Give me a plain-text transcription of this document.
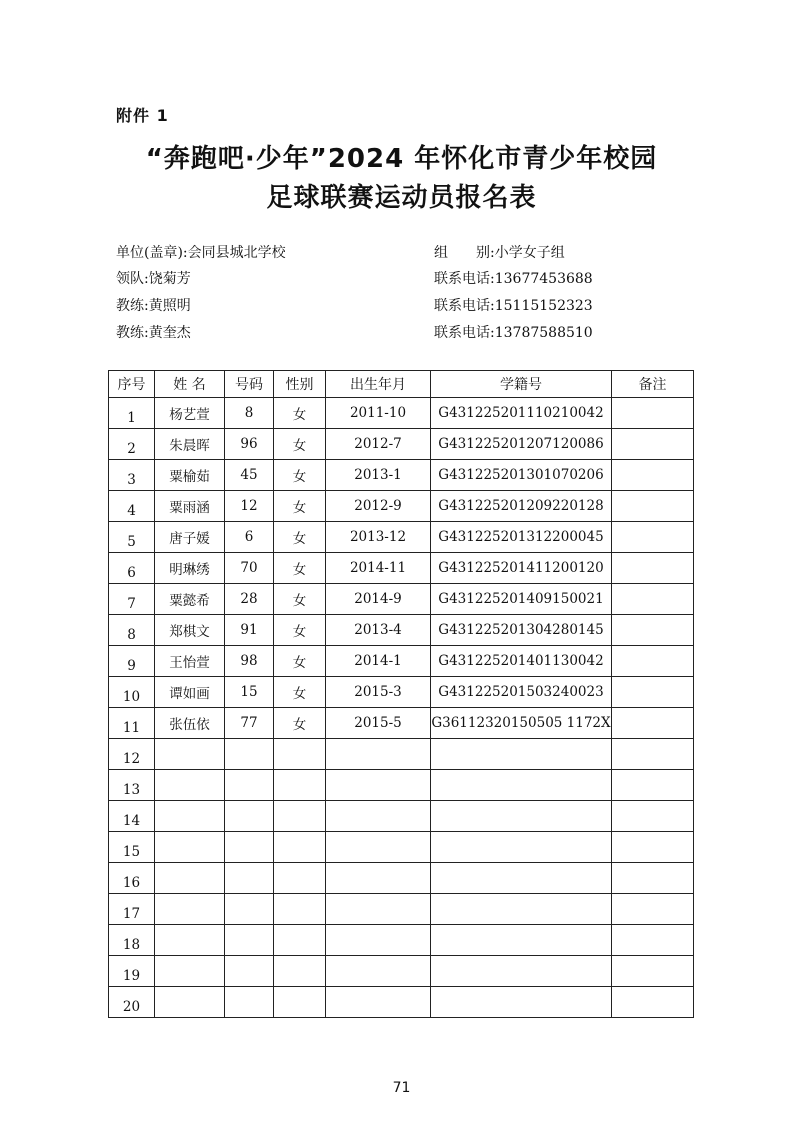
附件 1
“奔跑吧·少年”2024 年怀化市青少年校园
足球联赛运动员报名表
单位(盖章):会同县城北学校	组　　别:小学女子组
领队:饶菊芳	联系电话:13677453688
教练:黄照明	联系电话:15115152323
教练:黄奎杰	联系电话:13787588510
序号	姓 名	号码	性别	出生年月	学籍号	备注
1	杨艺萱	8	女	2011-10	G431225201110210042	
2	朱晨晖	96	女	2012-7	G431225201207120086	
3	粟榆茹	45	女	2013-1	G431225201301070206	
4	粟雨涵	12	女	2012-9	G431225201209220128	
5	唐子媛	6	女	2013-12	G431225201312200045	
6	明琳绣	70	女	2014-11	G431225201411200120	
7	粟懿希	28	女	2014-9	G431225201409150021	
8	郑棋文	91	女	2013-4	G431225201304280145	
9	王怡萱	98	女	2014-1	G431225201401130042	
10	谭如画	15	女	2015-3	G431225201503240023	
11	张伍依	77	女	2015-5	G36112320150505 1172X	
12						
13						
14						
15						
16						
17						
18						
19						
20						
71
